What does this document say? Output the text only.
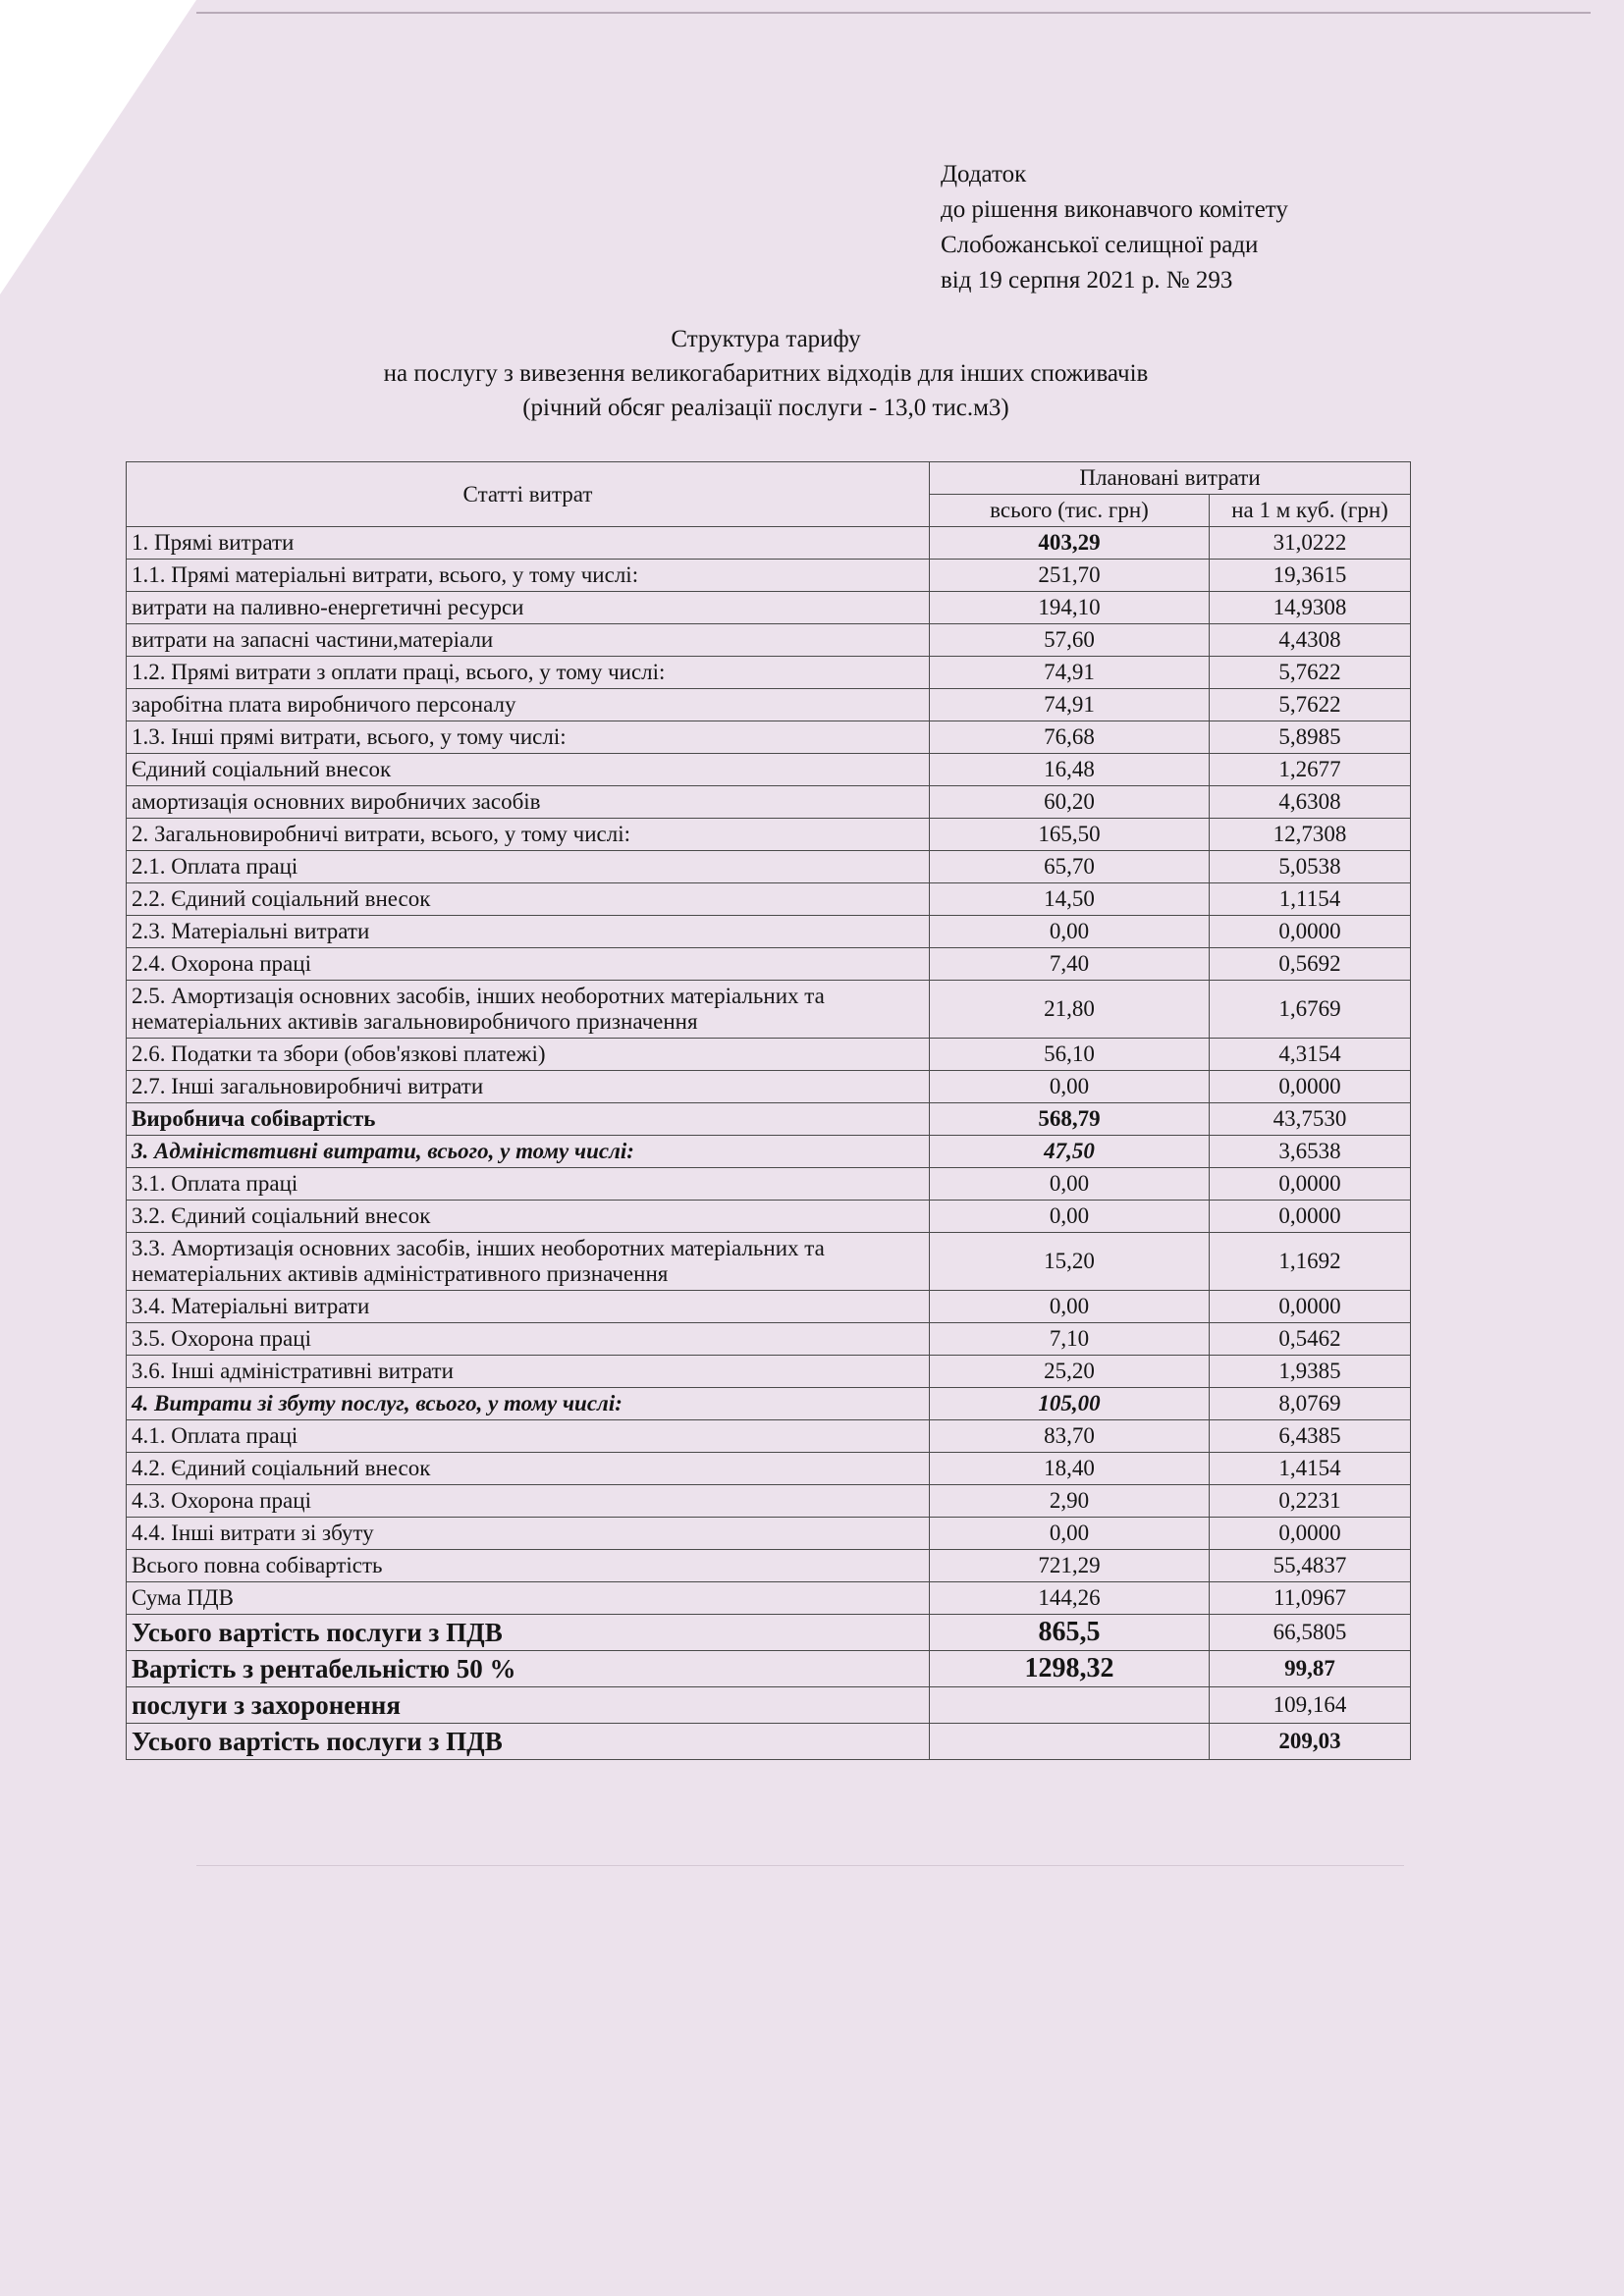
Додаток
до рішення виконавчого комітету
Слобожанської селищної ради
від 19 серпня 2021 р. № 293
Структура тарифу
на послугу з вивезення великогабаритних відходів для інших споживачів
(річний обсяг реалізації послуги - 13,0 тис.м3)
Статті витрат	Плановані витрати	
	всього (тис. грн)	на 1 м куб. (грн)
1. Прямі витрати	403,29	31,0222
1.1. Прямі матеріальні витрати, всього, у тому числі:	251,70	19,3615
витрати на паливно-енергетичні ресурси	194,10	14,9308
витрати на запасні частини,матеріали	57,60	4,4308
1.2. Прямі витрати з оплати праці, всього, у тому числі:	74,91	5,7622
заробітна плата виробничого персоналу	74,91	5,7622
1.3. Інші прямі витрати, всього, у тому числі:	76,68	5,8985
Єдиний соціальний внесок	16,48	1,2677
амортизація основних виробничих засобів	60,20	4,6308
2. Загальновиробничі витрати, всього, у тому числі:	165,50	12,7308
2.1. Оплата праці	65,70	5,0538
2.2. Єдиний соціальний внесок	14,50	1,1154
2.3. Матеріальні витрати	0,00	0,0000
2.4. Охорона праці	7,40	0,5692
2.5. Амортизація основних засобів, інших необоротних матеріальних та нематеріальних активів загальновиробничого призначення	21,80	1,6769
2.6. Податки та збори (обов'язкові платежі)	56,10	4,3154
2.7. Інші загальновиробничі витрати	0,00	0,0000
Виробнича собівартість	568,79	43,7530
3. Адмініствтивні витрати, всього, у тому числі:	47,50	3,6538
3.1. Оплата праці	0,00	0,0000
3.2. Єдиний соціальний внесок	0,00	0,0000
3.3. Амортизація основних засобів, інших необоротних матеріальних та нематеріальних активів адміністративного призначення	15,20	1,1692
3.4. Матеріальні витрати	0,00	0,0000
3.5. Охорона праці	7,10	0,5462
3.6. Інші адміністративні витрати	25,20	1,9385
4. Витрати зі збуту послуг, всього, у тому числі:	105,00	8,0769
4.1. Оплата праці	83,70	6,4385
4.2. Єдиний соціальний внесок	18,40	1,4154
4.3. Охорона праці	2,90	0,2231
4.4. Інші витрати зі збуту	0,00	0,0000
Всього повна собівартість	721,29	55,4837
Сума ПДВ	144,26	11,0967
Усього вартість послуги з ПДВ	865,5	66,5805
Вартість з рентабельністю 50 %	1298,32	99,87
послуги з захоронення		109,164
Усього вартість послуги з ПДВ		209,03
